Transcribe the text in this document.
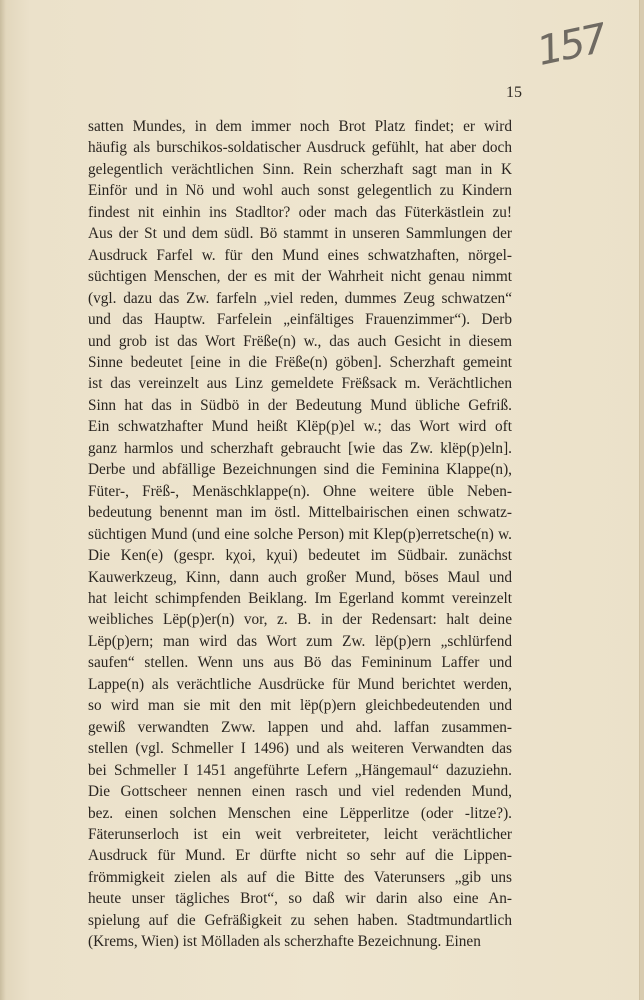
157
15
satten Mundes, in dem immer noch Brot Platz findet; er wird
häufig als burschikos-soldatischer Ausdruck gefühlt, hat aber doch
gelegentlich verächtlichen Sinn. Rein scherzhaft sagt man in K
Einför und in Nö und wohl auch sonst gelegentlich zu Kindern
findest nit einhin ins Stadltor? oder mach das Füterkästlein zu!
Aus der St und dem südl. Bö stammt in unseren Sammlungen der
Ausdruck Farfel w. für den Mund eines schwatzhaften, nörgel-
süchtigen Menschen, der es mit der Wahrheit nicht genau nimmt
(vgl. dazu das Zw. farfeln „viel reden, dummes Zeug schwatzen“
und das Hauptw. Farfelein „einfältiges Frauenzimmer“). Derb
und grob ist das Wort Frëße(n) w., das auch Gesicht in diesem
Sinne bedeutet [eine in die Frëße(n) göben]. Scherzhaft gemeint
ist das vereinzelt aus Linz gemeldete Frëßsack m. Verächtlichen
Sinn hat das in Südbö in der Bedeutung Mund übliche Gefriß.
Ein schwatzhafter Mund heißt Klëp(p)el w.; das Wort wird oft
ganz harmlos und scherzhaft gebraucht [wie das Zw. klëp(p)eln].
Derbe und abfällige Bezeichnungen sind die Feminina Klappe(n),
Füter-, Frëß-, Menäschklappe(n). Ohne weitere üble Neben-
bedeutung benennt man im östl. Mittelbairischen einen schwatz-
süchtigen Mund (und eine solche Person) mit Klep(p)erretsche(n) w.
Die Ken(e) (gespr. kχoi, kχui) bedeutet im Südbair. zunächst
Kauwerkzeug, Kinn, dann auch großer Mund, böses Maul und
hat leicht schimpfenden Beiklang. Im Egerland kommt vereinzelt
weibliches Lëp(p)er(n) vor, z. B. in der Redensart: halt deine
Lëp(p)ern; man wird das Wort zum Zw. lëp(p)ern „schlürfend
saufen“ stellen. Wenn uns aus Bö das Femininum Laffer und
Lappe(n) als verächtliche Ausdrücke für Mund berichtet werden,
so wird man sie mit den mit lëp(p)ern gleichbedeutenden und
gewiß verwandten Zww. lappen und ahd. laffan zusammen-
stellen (vgl. Schmeller I 1496) und als weiteren Verwandten das
bei Schmeller I 1451 angeführte Lefern „Hängemaul“ dazuziehn.
Die Gottscheer nennen einen rasch und viel redenden Mund,
bez. einen solchen Menschen eine Lëpperlitze (oder -litze?).
Fäterunserloch ist ein weit verbreiteter, leicht verächtlicher
Ausdruck für Mund. Er dürfte nicht so sehr auf die Lippen-
frömmigkeit zielen als auf die Bitte des Vaterunsers „gib uns
heute unser tägliches Brot“, so daß wir darin also eine An-
spielung auf die Gefräßigkeit zu sehen haben. Stadtmundartlich
(Krems, Wien) ist Mölladen als scherzhafte Bezeichnung. Einen
